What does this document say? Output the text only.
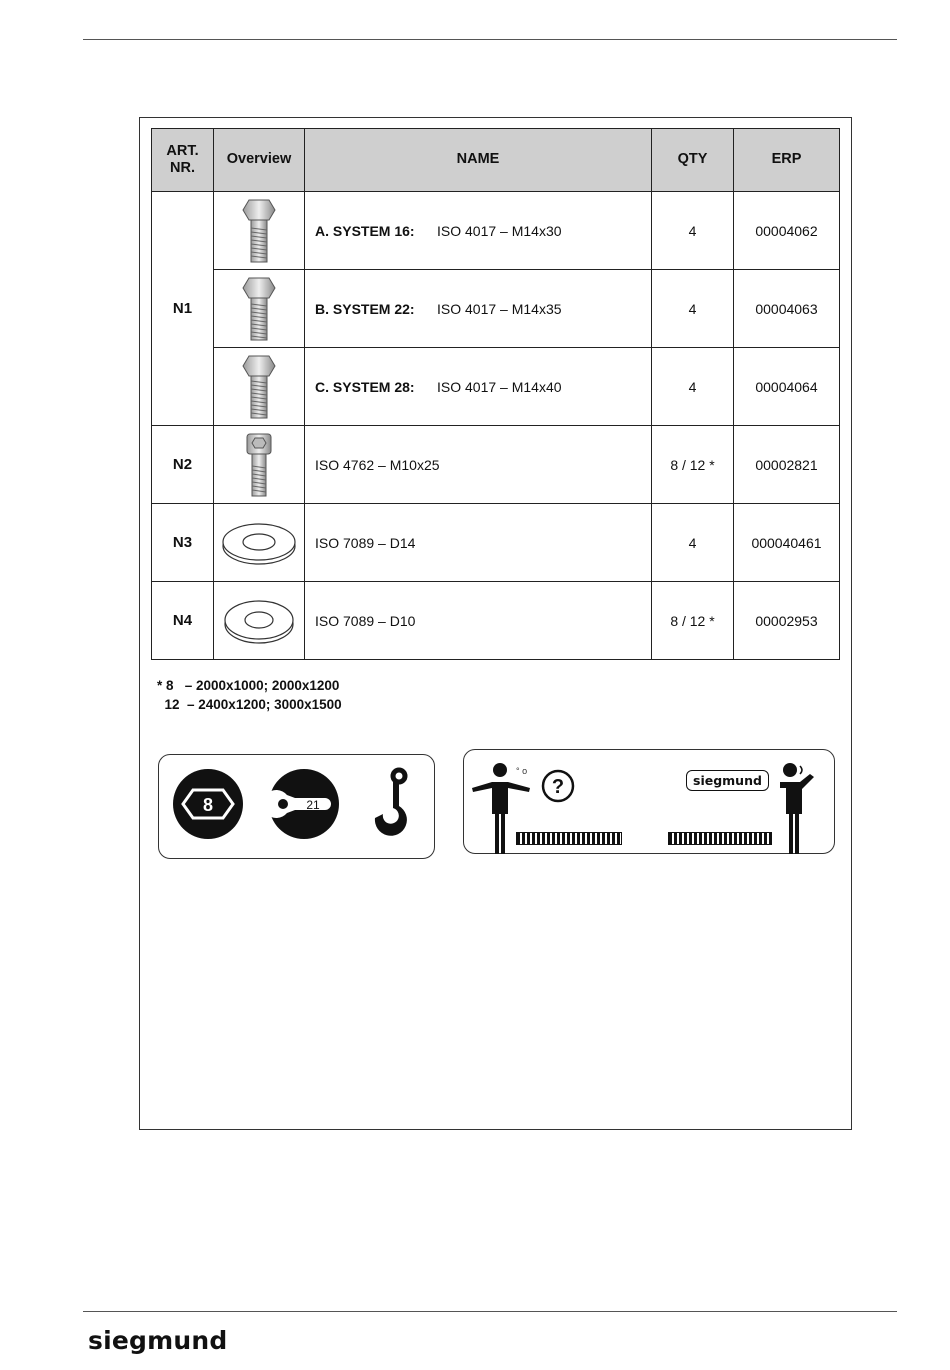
ART.
NR.	Overview	NAME	QTY	ERP
N1		A. SYSTEM 16: ISO 4017 – M14x30	4	00004062

	B. SYSTEM 22: ISO 4017 – M14x35	4	00004063

	C. SYSTEM 28: ISO 4017 – M14x40	4	00004064
N2		ISO 4762 – M10x25	8 / 12 *	00002821
N3		ISO 7089 – D14	4	000040461
N4		ISO 7089 – D10	8 / 12 *	00002953
* 8   – 2000x1000; 2000x1200
12  – 2400x1200; 3000x1500
8	21
° o
?	siegmund
siegmund
